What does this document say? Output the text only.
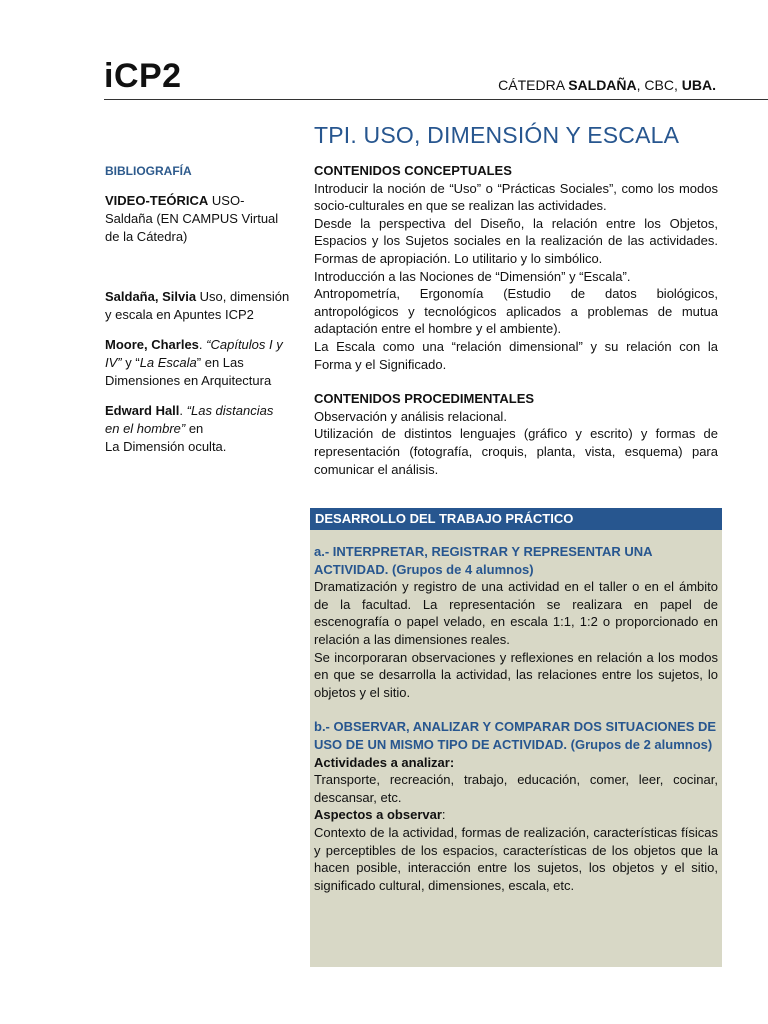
iCP2	CÁTEDRA SALDAÑA, CBC, UBA.
TPI. USO, DIMENSIÓN Y ESCALA
BIBLIOGRAFÍA
VIDEO-TEÓRICA USO- Saldaña (EN CAMPUS Virtual de la Cátedra)
Saldaña, Silvia Uso, dimensión y escala en Apuntes ICP2
Moore, Charles. “Capítulos I y IV” y “La Escala” en Las Dimensiones en Arquitectura
Edward Hall. “Las distancias en el hombre” en
La Dimensión oculta.
CONTENIDOS CONCEPTUALES

Introducir la noción de “Uso” o “Prácticas Sociales”, como los modos socio-culturales en que se realizan las actividades.

Desde la perspectiva del Diseño, la relación entre los Objetos, Espacios y los Sujetos sociales en la realización de las actividades. Formas de apropiación. Lo utilitario y lo simbólico.

Introducción a las Nociones de “Dimensión” y “Escala”.

Antropometría, Ergonomía (Estudio de datos biológicos, antropológicos y tecnológicos aplicados a problemas de mutua adaptación entre el hombre y el ambiente).

La Escala como una “relación dimensional” y su relación con la Forma y el Significado.

CONTENIDOS PROCEDIMENTALES

Observación y análisis relacional.

Utilización de distintos lenguajes (gráfico y escrito) y formas de representación (fotografía, croquis, planta, vista, esquema) para comunicar el análisis.

DESARROLLO DEL TRABAJO PRÁCTICO
a.- INTERPRETAR, REGISTRAR Y REPRESENTAR UNA ACTIVIDAD. (Grupos de 4 alumnos)

Dramatización y registro de una actividad en el taller o en el ámbito de la facultad. La representación se realizara en papel de escenografía o papel velado, en escala 1:1, 1:2 o proporcionado en relación a las dimensiones reales.

Se incorporaran observaciones y reflexiones en relación a los modos en que se desarrolla la actividad, las relaciones entre los sujetos, lo objetos y el sitio.

b.- OBSERVAR, ANALIZAR Y COMPARAR DOS SITUACIONES DE USO DE UN MISMO TIPO DE ACTIVIDAD. (Grupos de 2 alumnos)
Actividades a analizar:

Transporte, recreación, trabajo, educación, comer, leer, cocinar, descansar, etc.

Aspectos a observar:

Contexto de la actividad, formas de realización, características físicas y perceptibles de los espacios, características de los objetos que la hacen posible, interacción entre los sujetos, los objetos y el sitio, significado cultural, dimensiones, escala, etc.
